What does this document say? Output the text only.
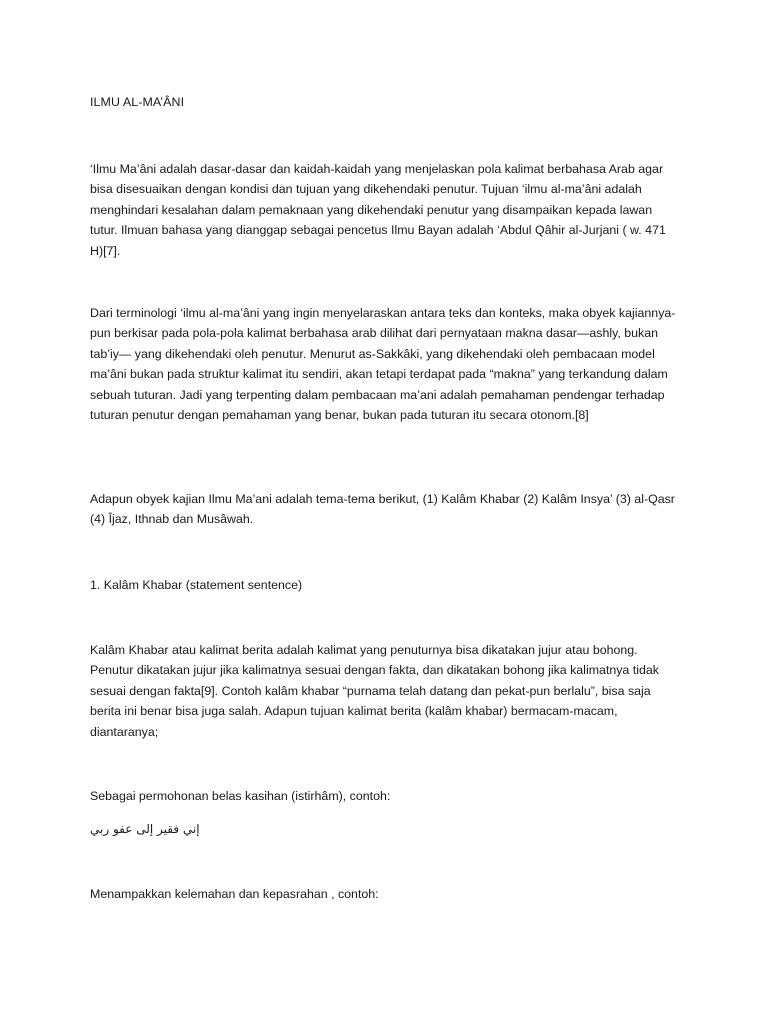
ILMU AL-MA’ÂNI

‘Ilmu Ma’âni adalah dasar-dasar dan kaidah-kaidah yang menjelaskan pola kalimat berbahasa Arab agar bisa disesuaikan dengan kondisi dan tujuan yang dikehendaki penutur. Tujuan ‘ilmu al-ma’âni adalah menghindari kesalahan dalam pemaknaan yang dikehendaki penutur yang disampaikan kepada lawan tutur. Ilmuan bahasa yang dianggap sebagai pencetus Ilmu Bayan adalah ‘Abdul Qâhir al-Jurjani ( w. 471 H)[7].

Dari terminologi ‘ilmu al-ma’âni yang ingin menyelaraskan antara teks dan konteks, maka obyek kajiannya-pun berkisar pada pola-pola kalimat berbahasa arab dilihat dari pernyataan makna dasar—ashly, bukan tab’iy— yang dikehendaki oleh penutur. Menurut as-Sakkâki, yang dikehendaki oleh pembacaan model ma’âni bukan pada struktur kalimat itu sendiri, akan tetapi terdapat pada “makna” yang terkandung dalam sebuah tuturan. Jadi yang terpenting dalam pembacaan ma’ani adalah pemahaman pendengar terhadap tuturan penutur dengan pemahaman yang benar, bukan pada tuturan itu secara otonom.[8]

Adapun obyek kajian Ilmu Ma’ani adalah tema-tema berikut, (1) Kalâm Khabar (2) Kalâm Insya’ (3) al-Qasr (4) Îjaz, Ithnab dan Musâwah.

1. Kalâm Khabar (statement sentence)

Kalâm Khabar atau kalimat berita adalah kalimat yang penuturnya bisa dikatakan jujur atau bohong. Penutur dikatakan jujur jika kalimatnya sesuai dengan fakta, dan dikatakan bohong jika kalimatnya tidak sesuai dengan fakta[9]. Contoh kalâm khabar “purnama telah datang dan pekat-pun berlalu”, bisa saja berita ini benar bisa juga salah. Adapun tujuan kalimat berita (kalâm khabar) bermacam-macam, diantaranya;

Sebagai permohonan belas kasihan (istirhâm), contoh:

إني فقير إلى عفو ربي

Menampakkan kelemahan dan kepasrahan , contoh:
